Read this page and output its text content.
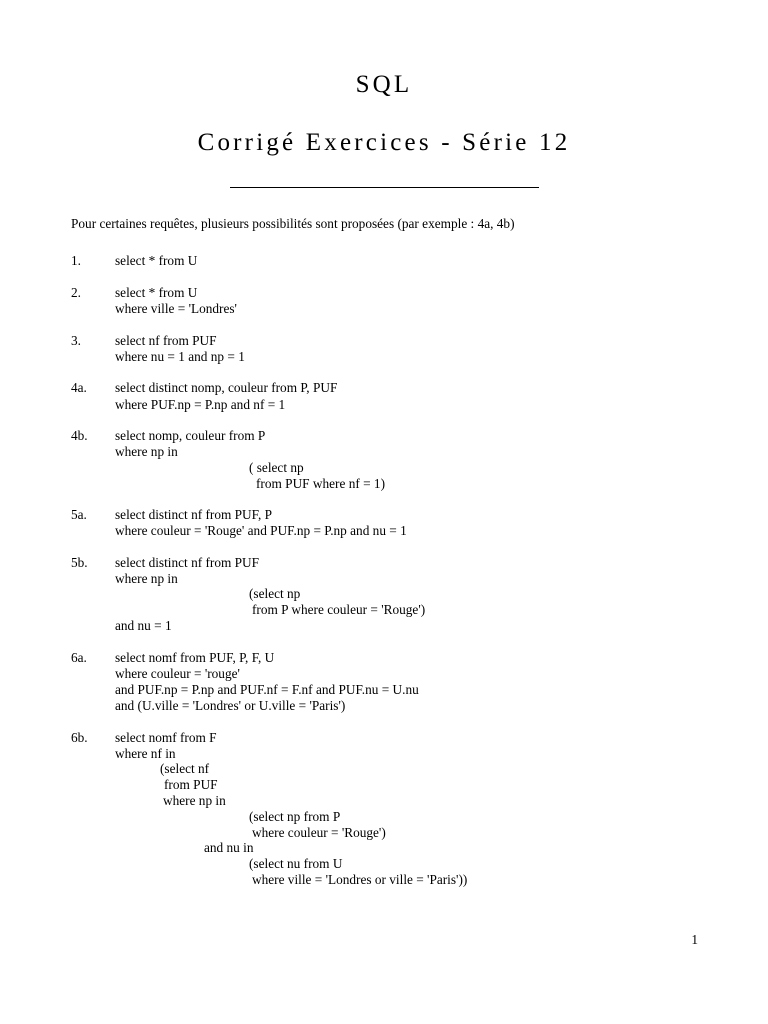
SQL
Corrigé Exercices - Série 12
Pour certaines requêtes, plusieurs possibilités sont proposées (par exemple : 4a, 4b)
1.	select * from U
2.	select * from U
where ville = 'Londres'
3.	select nf from PUF
where nu = 1 and np = 1
4a. select distinct nomp, couleur from P, PUF
where PUF.np = P.np and nf = 1
4b. select nomp, couleur from P
where np in
( select np
from PUF where nf = 1)
5a. select distinct nf from PUF, P
where couleur = 'Rouge' and PUF.np = P.np and nu = 1
5b. select distinct nf from PUF
where np in
(select np
from P where couleur = 'Rouge')
and nu = 1
6a. select nomf from PUF, P, F, U
where couleur = 'rouge'
and PUF.np = P.np and PUF.nf = F.nf and PUF.nu = U.nu
and (U.ville = 'Londres' or U.ville = 'Paris')
6b. select nomf from F
where nf in
(select nf
from PUF
where np in
(select np from P
where couleur = 'Rouge')
and nu in
(select nu from U
where ville = 'Londres or ville = 'Paris'))
1
